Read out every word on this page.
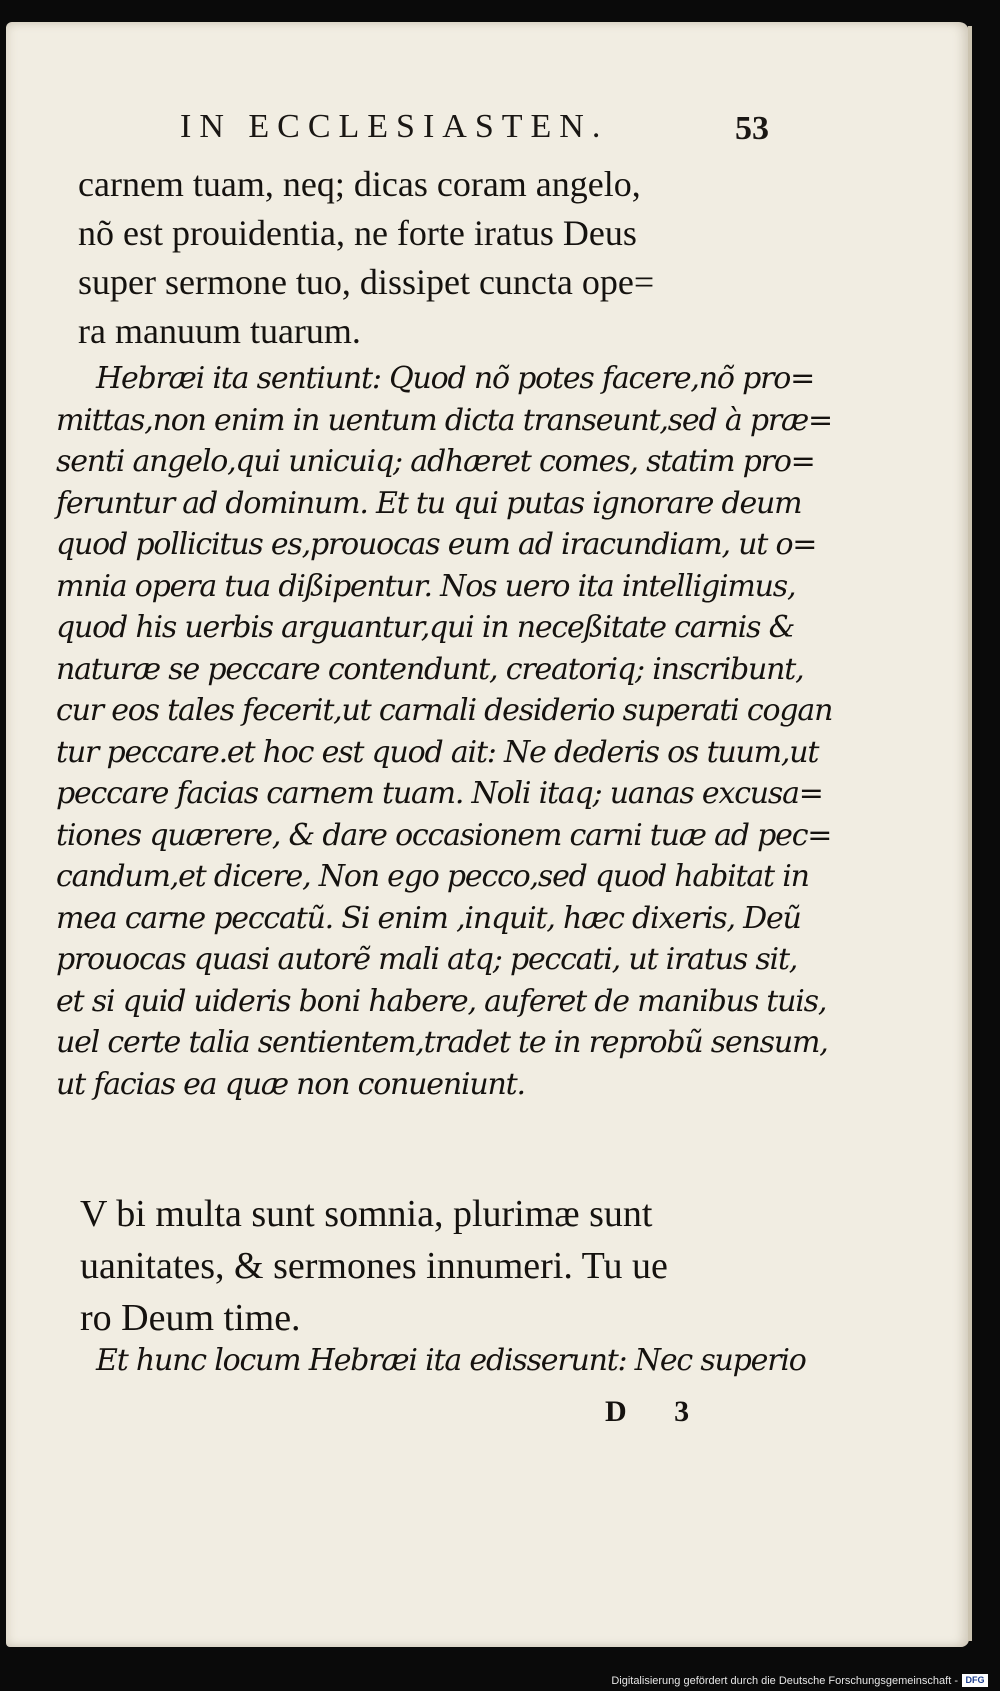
IN ECCLESIASTEN.	53

carnem tuam, neq; dicas coram angelo,
nõ est prouidentia, ne forte iratus Deus
super sermone tuo, dissipet cuncta ope=
ra manuum tuarum.

Hebræi ita sentiunt: Quod nõ potes facere,nõ pro=
mittas,non enim in uentum dicta transeunt,sed à præ=
senti angelo,qui unicuiq; adhæret comes, statim pro=
feruntur ad dominum. Et tu qui putas ignorare deum
quod pollicitus es,prouocas eum ad iracundiam, ut o=
mnia opera tua dißipentur. Nos uero ita intelligimus,
quod his uerbis arguantur,qui in neceßitate carnis &
naturæ se peccare contendunt, creatoriq; inscribunt,
cur eos tales fecerit,ut carnali desiderio superati cogan
tur peccare.et hoc est quod ait: Ne dederis os tuum,ut
peccare facias carnem tuam. Noli itaq; uanas excusa=
tiones quærere, & dare occasionem carni tuæ ad pec=
candum,et dicere, Non ego pecco,sed quod habitat in
mea carne peccatũ. Si enim ,inquit, hæc dixeris, Deũ
prouocas quasi autorẽ mali atq; peccati, ut iratus sit,
et si quid uideris boni habere, auferet de manibus tuis,
uel certe talia sentientem,tradet te in reprobũ sensum,
ut facias ea quæ non conueniunt.

V bi multa sunt somnia, plurimæ sunt
uanitates, & sermones innumeri. Tu ue
ro Deum time.

Et hunc locum Hebræi ita edisserunt: Nec superio

D 3
Digitalisierung gefördert durch die Deutsche Forschungsgemeinschaft - DFG
